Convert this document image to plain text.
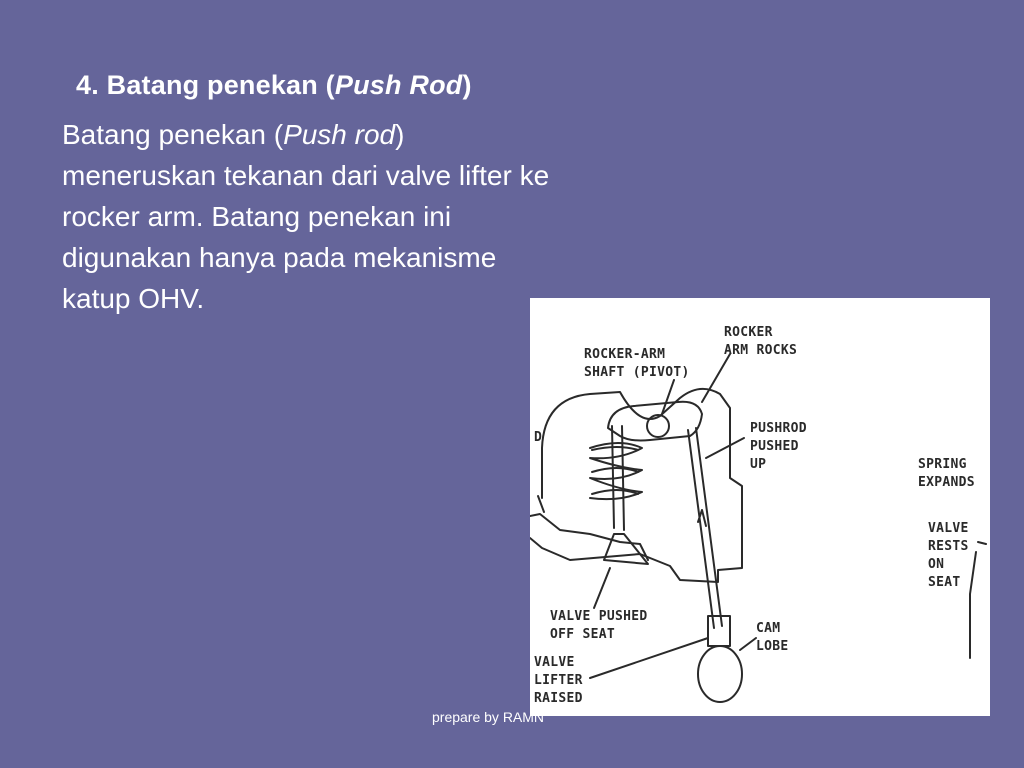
4. Batang penekan (Push Rod)

Batang penekan (Push rod) meneruskan tekanan dari valve lifter ke rocker arm. Batang penekan ini digunakan hanya pada mekanisme katup OHV.

D
ROCKER
ARM ROCKS
ROCKER-ARM
SHAFT (PIVOT)
PUSHROD
PUSHED
UP	SPRING
EXPANDS
VALVE
RESTS
ON
SEAT
VALVE PUSHED
OFF SEAT	CAM
LOBE
VALVE
LIFTER
RAISED
prepare by RAMN
